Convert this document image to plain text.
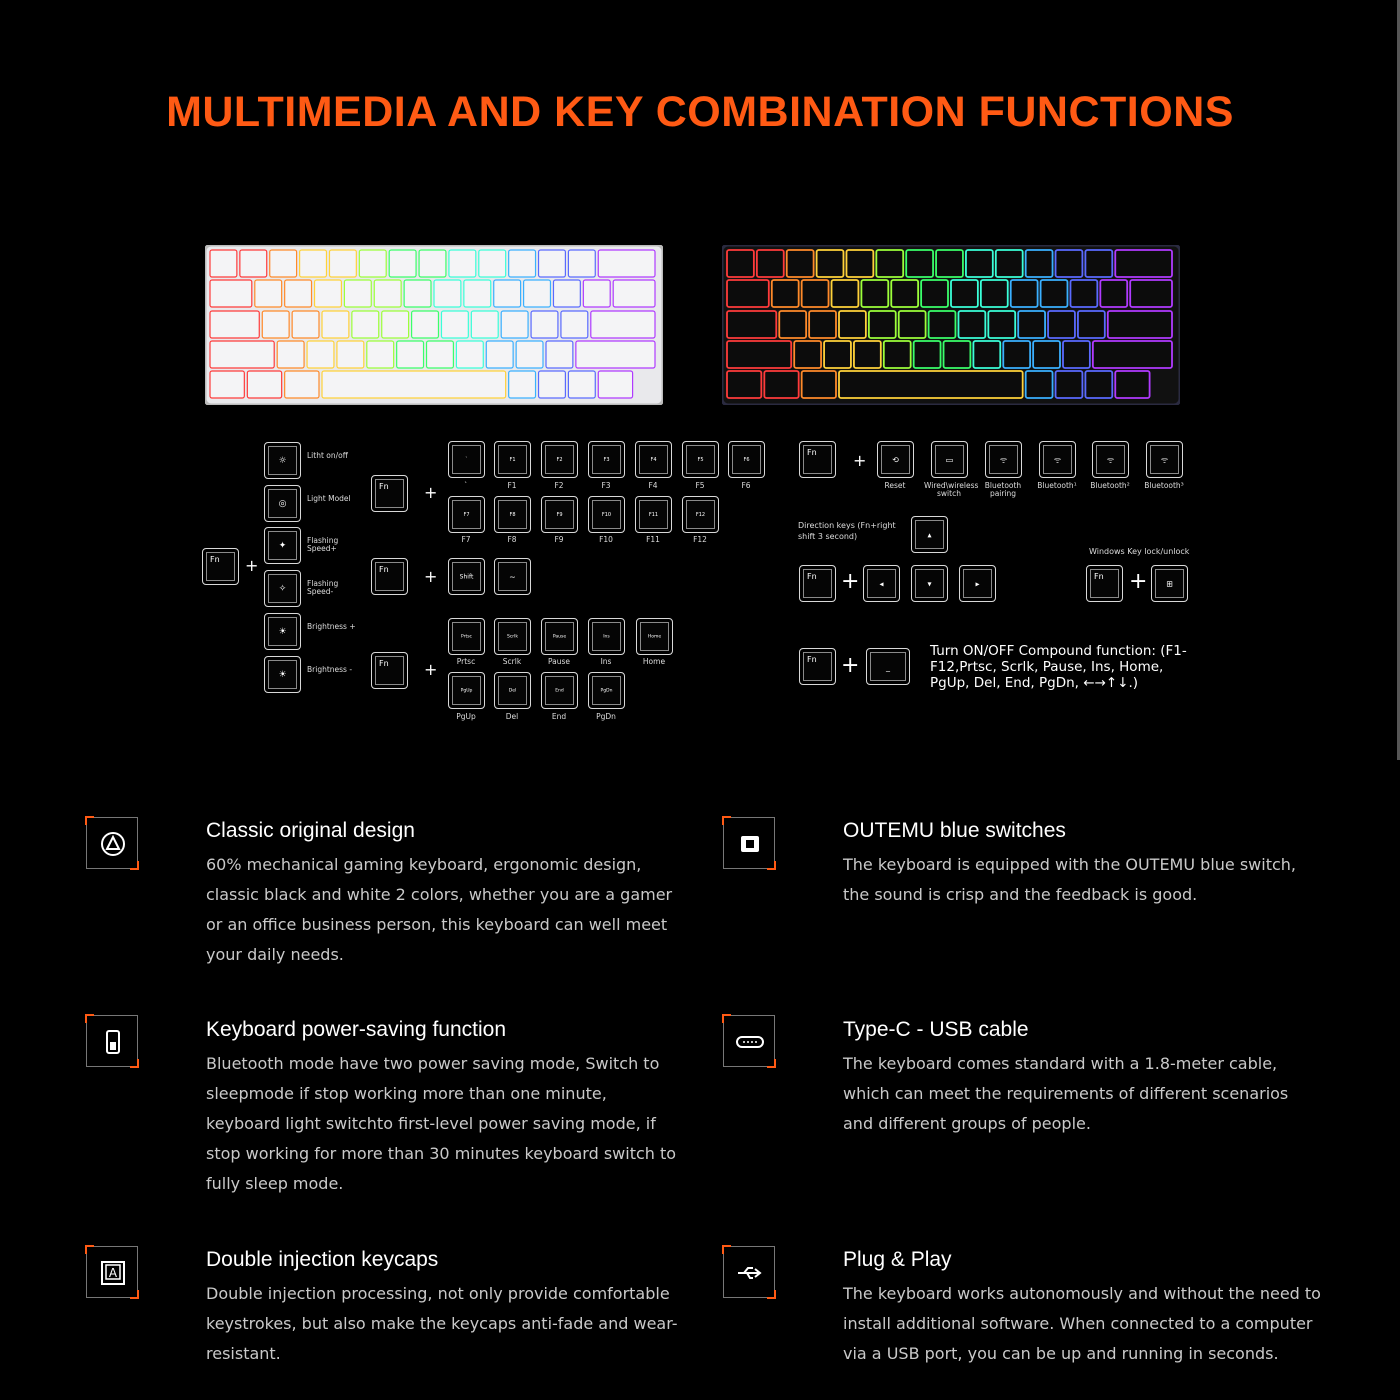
MULTIMEDIA AND KEY COMBINATION FUNCTIONS
Fn +
Fn +
Fn +	Shift	~
Fn +
Fn +
Direction keys (Fn+right shift 3 second)	▴
Fn +	◂	▾	▸
Windows Key lock/unlock
Fn +	⊞
Fn +	_
Turn ON/OFF Compound function: (F1-F12,Prtsc, Scrlk, Pause, Ins, Home, PgUp, Del, End, PgDn, ←→↑↓.)
Classic original design
60% mechanical gaming keyboard, ergonomic design, classic black and white 2 colors, whether you are a gamer or an office business person, this keyboard can well meet your daily needs.
OUTEMU blue switches
The keyboard is equipped with the OUTEMU blue switch, the sound is crisp and the feedback is good.
Keyboard power-saving function
Bluetooth mode have two power saving mode, Switch to sleepmode if stop working more than one minute, keyboard light switchto first-level power saving mode, if stop working for more than 30 minutes keyboard switch to fully sleep mode.
Type-C - USB cable
The keyboard comes standard with a 1.8-meter cable, which can meet the requirements of different scenarios and different groups of people.
A
Double injection keycaps
Double injection processing, not only provide comfortable keystrokes, but also make the keycaps anti-fade and wear-resistant.
Plug & Play
The keyboard works autonomously and without the need to install additional software. When connected to a computer via a USB port, you can be up and running in seconds.
☼	Litht on/off
◎	Light Model
✦	Flashing Speed+
✧	Flashing Speed-
☀	Brightness +
☀	Brightness -
`
`
F1
F1
F2
F2
F3
F3
F4
F4
F5
F5
F6
F6
F7
F7
F8
F8
F9
F9
F10
F10
F11
F11
F12
F12
Prtsc
Prtsc
Scrlk
Scrlk
Pause
Pause
Ins
Ins
Home
Home
PgUp
PgUp
Del
Del
End
End
PgDn
PgDn
⟲
Reset
▭
Wired\wireless switch
ᯤ
Bluetooth pairing
ᯤ
Bluetooth¹
ᯤ
Bluetooth²
ᯤ
Bluetooth³
